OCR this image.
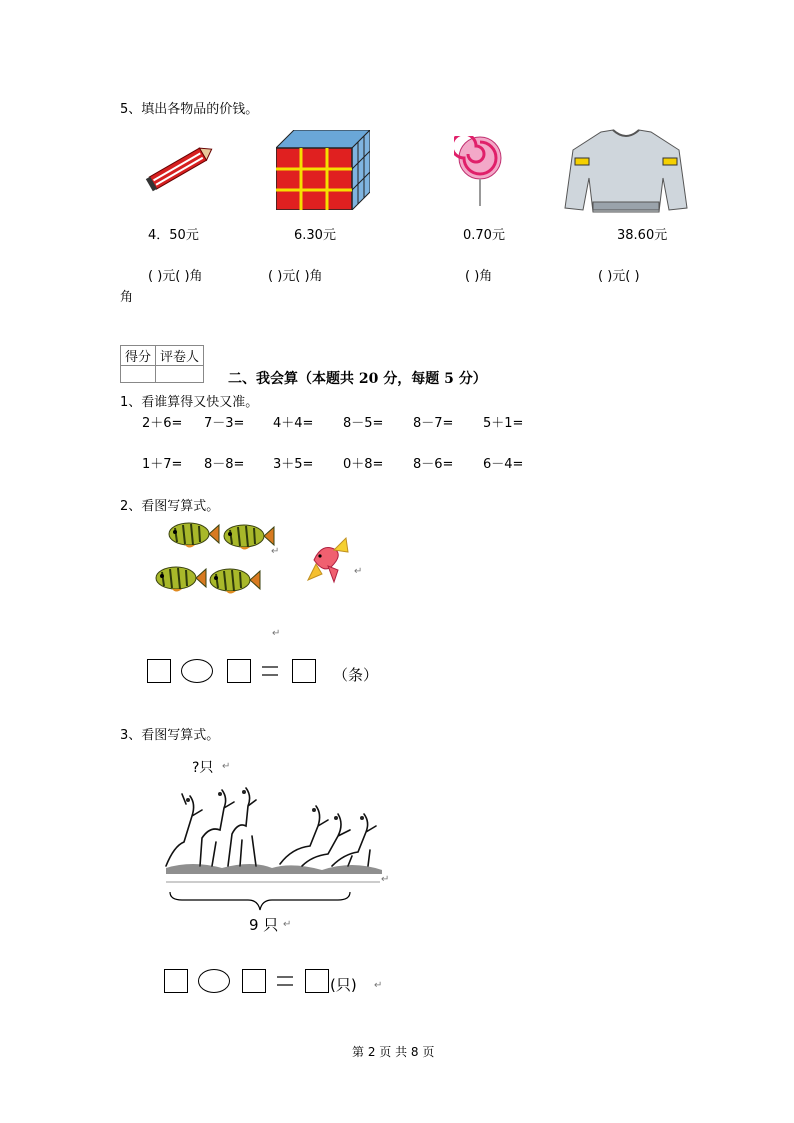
5、填出各物品的价钱。
4．50元	6.30元	0.70元	38.60元
( )元( )角	( )元( )角	( )角	( )元( )
角
得分	评卷人

二、我会算（本题共 20 分，每题 5 分）
1、看谁算得又快又准。
2＋6= 7－3= 4＋4= 8－5= 8－7= 5＋1=
1＋7= 8－8= 3＋5= 0＋8= 8－6= 6－4=
2、看图写算式。
↵
↵
↵
（条）
3、看图写算式。
?只 ↵
↵
9 只 ↵
(只) ↵
第 2 页 共 8 页
